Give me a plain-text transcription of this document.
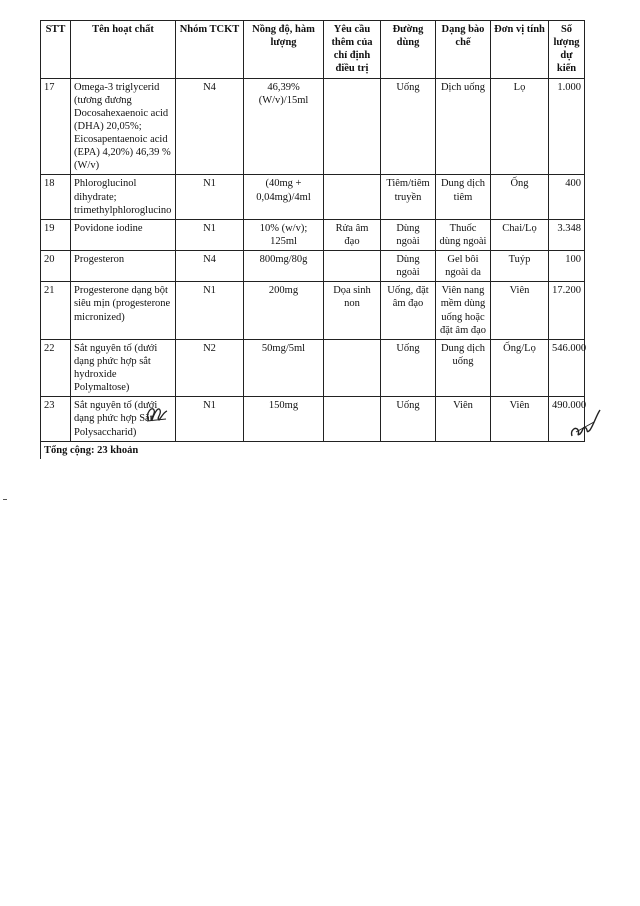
STT	Tên hoạt chất	Nhóm TCKT	Nồng độ, hàm lượng	Yêu cầu thêm của chỉ định điều trị	Đường dùng	Dạng bào chế	Đơn vị tính	Số lượng dự kiến
17	Omega-3 triglycerid (tương đương Docosahexaenoic acid (DHA) 20,05%; Eicosapentaenoic acid (EPA) 4,20%) 46,39 % (W/v)	N4	46,39% (W/v)/15ml		Uống	Dịch uống	Lọ	1.000
18	Phloroglucinol dihydrate; trimethylphloroglucino	N1	(40mg + 0,04mg)/4ml		Tiêm/tiêm truyền	Dung dịch tiêm	Ống	400
19	Povidone iodine	N1	10% (w/v); 125ml	Rửa âm đạo	Dùng ngoài	Thuốc dùng ngoài	Chai/Lọ	3.348
20	Progesteron	N4	800mg/80g		Dùng ngoài	Gel bôi ngoài da	Tuýp	100
21	Progesterone dạng bột siêu mịn (progesterone micronized)	N1	200mg	Dọa sinh non	Uống, đặt âm đạo	Viên nang mềm dùng uống hoặc đặt âm đạo	Viên	17.200
22	Sắt nguyên tố (dưới dạng phức hợp sắt hydroxide Polymaltose)	N2	50mg/5ml		Uống	Dung dịch uống	Ống/Lọ	546.000
23	Sắt nguyên tố (dưới dạng phức hợp Sắt Polysaccharid)	N1	150mg		Uống	Viên	Viên	490.000
Tổng cộng: 23 khoản								
